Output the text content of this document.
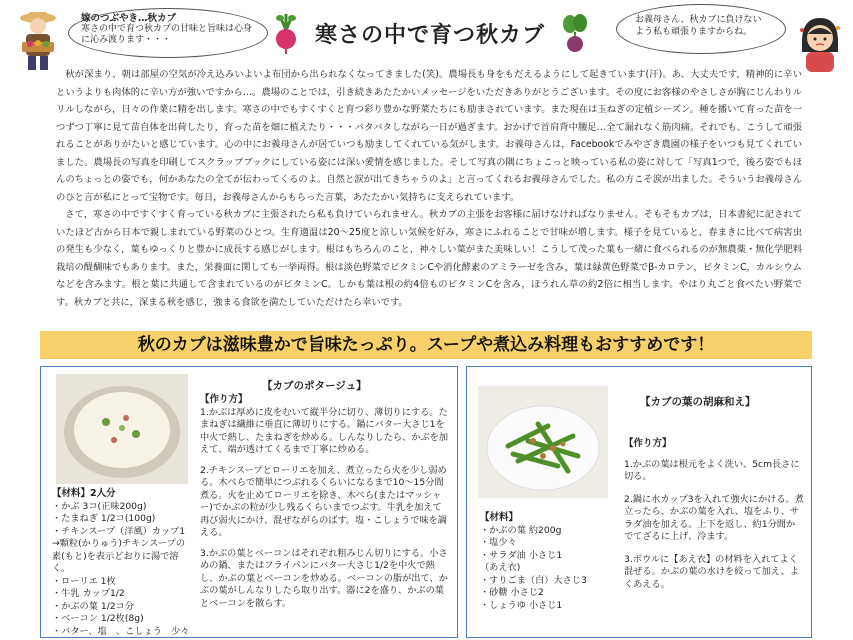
嫁のつぶやき…秋カブ
寒さの中で育つ秋カブの甘味と旨味は心身に沁み渡ります・・・	寒さの中で育つ秋カブ
お義母さん、秋カブに負けないよう私も頑張りますからね。

秋が深まり、朝は部屋の空気が冷え込みいよいよ布団から出られなくなってきました(笑)。農場長も身をもだえるようにして起きています(汗)。あ、大丈夫です，精神的に辛いというよりも肉体的に辛い方が強いですから…。農場のことでは，引き続きあたたかいメッセージをいただきありがとうございます。その度にお客様のやさしさが胸にじんわりルリルしながら，日々の作業に精を出します。寒さの中でもすくすくと育つ彩り豊かな野菜たちにも励まされています。また現在は玉ねぎの定植シーズン。種を播いて育った苗を一つずつ丁寧に見て苗自体を出荷したり，育った苗を畑に植えたり・・・バタバタしながら一日が過ぎます。おかげで首肩背中腰足…全て漏れなく筋肉痛。それでも、こうして頑張れることがありがたいと感じています。心の中にお義母さんが居ていつも励ましてくれている気がします。お義母さんは，Facebookでみやざき農園の様子をいつも見てくれていました。農場長の写真を印刷してスクラップブックにしている姿には深い愛情を感じました。そして写真の隅にちょこっと映っている私の姿に対して「写真1つで，後ろ姿でもほんのちょっとの姿でも，何かあなたの全てが伝わってくるのよ。自然と涙が出てきちゃうのよ」と言ってくれるお義母さんでした。私の方こそ涙が出ました。そういうお義母さんのひと言が私にとって宝物です。毎日，お義母さんからもらった言葉，あたたかい気持ちに支えられています。

さて，寒さの中ですくすく育っている秋カブに主張されたら私も負けていられません。秋カブの主張をお客様に届けなければなりません。そもそもカブは，日本書紀に記されていたほど古から日本で親しまれている野菜のひとつ。生育適温は20～25度と涼しい気候を好み，寒さにふれることで甘味が増します。様子を見ていると，春まきに比べて病害虫の発生も少なく，葉もゆっくりと豊かに成長する感じがします。根はもちろんのこと，神々しい葉がまた美味しい！こうして茂った葉も一緒に食べられるのが無農薬・無化学肥料栽培の醍醐味でもあります。また，栄養面に関しても一挙両得。根は淡色野菜でビタミンCや消化酵素のアミラーゼを含み，葉は緑黄色野菜でβ-カロテン，ビタミンC，カルシウムなどを含みます。根と葉に共通して含まれているのがビタミンC。しかも葉は根の約4倍ものビタミンCを含み，ほうれん草の約2倍に相当します。やはり丸ごと食べたい野菜です。秋カブと共に，深まる秋を感じ，強まる食欲を満たしていただけたら幸いです。

秋のカブは滋味豊かで旨味たっぷり。スープや煮込み料理もおすすめです！
【カブのポタージュ】
【作り方】
1.かぶは厚めに皮をむいて縦半分に切り、薄切りにする。たまねぎは繊維に垂直に薄切りにする。鍋にバター大さじ1を中火で熱し、たまねぎを炒める。しんなりしたら、かぶを加えて、端が透けてくるまで丁寧に炒める。
2.チキンスープとローリエを加え、煮立ったら火を少し弱める。木べらで簡単につぶれるくらいになるまで10～15分間煮る。火を止めてローリエを除き、木べら(またはマッシャー)でかぶの粒が少し残るくらいまでつぶす。牛乳を加えて再び弱火にかけ、混ぜながらのばす。塩・こしょうで味を調える。
3.かぶの葉とベーコンはそれぞれ粗みじん切りにする。小さめの鍋、またはフライパンにバター大さじ1/2を中火で熱し、かぶの葉とベーコンを炒める。ベーコンの脂が出て、かぶの葉がしんなりしたら取り出す。器に2を盛り、かぶの葉とベーコンを散らす。
【材料】2人分
・かぶ 3コ(正味200g)
・たまねぎ 1/2コ(100g)
・チキンスープ（洋風）カップ1 →顆粒(かりゅう)チキンスープの素(もと)を表示どおりに湯で溶く。
・ローリエ 1枚
・牛乳 カップ1/2
・かぶの葉 1/2コ分
・ベーコン 1/2枚(8g)
・バター、塩　、こしょう　少々
【カブの葉の胡麻和え】
【作り方】
1.かぶの葉は根元をよく洗い、5cm長さに切る。
2.鍋に水カップ3を入れて強火にかける。煮立ったら、かぶの葉を入れ、塩をふり、サラダ油を加える。上下を返し、約1分間かでてざるに上げ、冷ます。
3.ボウルに【あえ衣】の材料を入れてよく混ぜる。かぶの葉の水けを絞って加え、よくあえる。
【材料】
・かぶの葉 約200g
・塩少々
・サラダ油 小さじ1
（あえ衣)
・すりごま（白）大さじ3
・砂糖 小さじ2
・しょうゆ 小さじ1
